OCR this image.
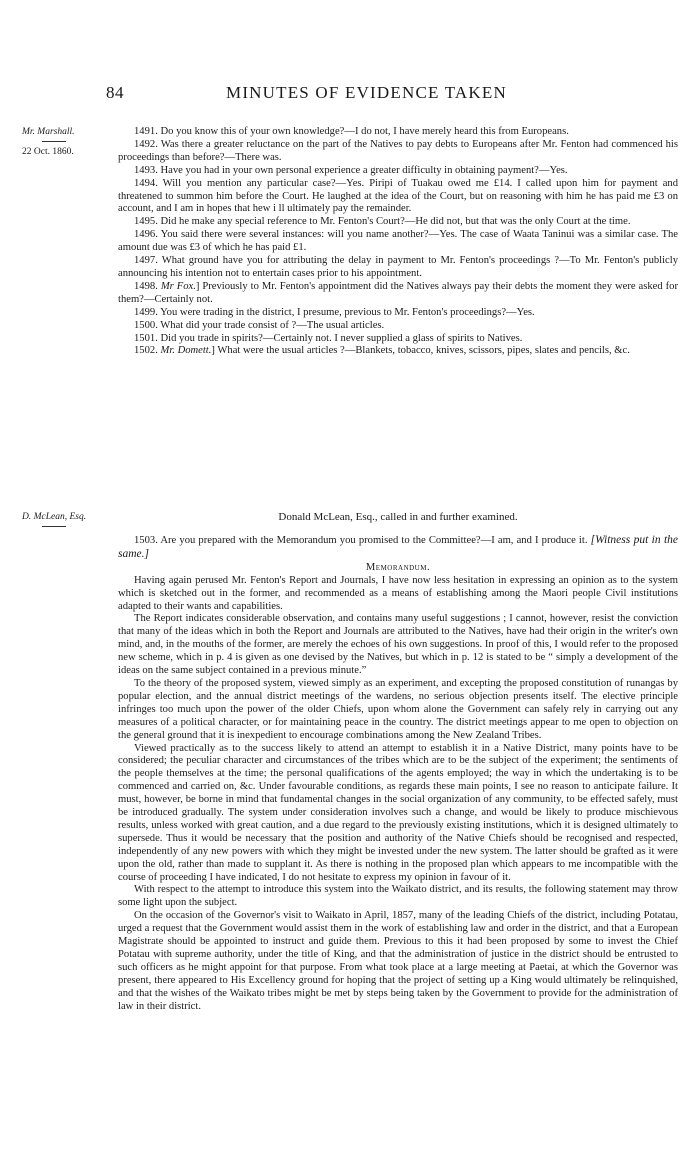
84	MINUTES OF EVIDENCE TAKEN
Mr. Marshall.
22 Oct. 1860.

1491. Do you know this of your own knowledge?—I do not, I have merely heard this from Europeans.

1492. Was there a greater reluctance on the part of the Natives to pay debts to Europeans after Mr. Fenton had commenced his proceedings than before?—There was.

1493. Have you had in your own personal experience a greater difficulty in obtaining payment?—Yes.

1494. Will you mention any particular case?—Yes. Piripi of Tuakau owed me £14. I called upon him for payment and threatened to summon him before the Court. He laughed at the idea of the Court, but on reasoning with him he has paid me £3 on account, and I am in hopes that hew i ll ultimately pay the remainder.

1495. Did he make any special reference to Mr. Fenton's Court?—He did not, but that was the only Court at the time.

1496. You said there were several instances: will you name another?—Yes. The case of Waata Taninui was a similar case. The amount due was £3 of which he has paid £1.

1497. What ground have you for attributing the delay in payment to Mr. Fenton's proceedings ?—To Mr. Fenton's publicly announcing his intention not to entertain cases prior to his appointment.

1498. Mr Fox.] Previously to Mr. Fenton's appointment did the Natives always pay their debts the moment they were asked for them?—Certainly not.

1499. You were trading in the district, I presume, previous to Mr. Fenton's proceedings?—Yes.

1500. What did your trade consist of ?—The usual articles.

1501. Did you trade in spirits?—Certainly not. I never supplied a glass of spirits to Natives.

1502. Mr. Domett.] What were the usual articles ?—Blankets, tobacco, knives, scissors, pipes, slates and pencils, &c.

D. McLean, Esq.	Donald McLean, Esq., called in and further examined.

1503. Are you prepared with the Memorandum you promised to the Committee?—I am, and I produce it. [Witness put in the same.]

Memorandum.

Having again perused Mr. Fenton's Report and Journals, I have now less hesitation in expressing an opinion as to the system which is sketched out in the former, and recommended as a means of establishing among the Maori people Civil institutions adapted to their wants and capabilities.

The Report indicates considerable observation, and contains many useful suggestions ; I cannot, however, resist the conviction that many of the ideas which in both the Report and Journals are attributed to the Natives, have had their origin in the writer's own mind, and, in the mouths of the former, are merely the echoes of his own suggestions. In proof of this, I would refer to the proposed new scheme, which in p. 4 is given as one devised by the Natives, but which in p. 12 is stated to be “ simply a development of the ideas on the same subject contained in a previous minute.”

To the theory of the proposed system, viewed simply as an experiment, and excepting the proposed constitution of runangas by popular election, and the annual district meetings of the wardens, no serious objection presents itself. The elective principle infringes too much upon the power of the older Chiefs, upon whom alone the Government can safely rely in carrying out any measures of a political character, or for maintaining peace in the country. The district meetings appear to me open to objection on the general ground that it is inexpedient to encourage combinations among the New Zealand Tribes.

Viewed practically as to the success likely to attend an attempt to establish it in a Native District, many points have to be considered; the peculiar character and circumstances of the tribes which are to be the subject of the experiment; the sentiments of the people themselves at the time; the personal qualifications of the agents employed; the way in which the undertaking is to be commenced and carried on, &c. Under favourable conditions, as regards these main points, I see no reason to anticipate failure. It must, however, be borne in mind that fundamental changes in the social organization of any community, to be effected safely, must be introduced gradually. The system under consideration involves such a change, and would be likely to produce mischievous results, unless worked with great caution, and a due regard to the previously existing institutions, which it is designed ultimately to supersede. Thus it would be necessary that the position and authority of the Native Chiefs should be recognised and respected, independently of any new powers with which they might be invested under the new system. The latter should be grafted as it were upon the old, rather than made to supplant it. As there is nothing in the proposed plan which appears to me incompatible with the course of proceeding I have indicated, I do not hesitate to express my opinion in favour of it.

With respect to the attempt to introduce this system into the Waikato district, and its results, the following statement may throw some light upon the subject.

On the occasion of the Governor's visit to Waikato in April, 1857, many of the leading Chiefs of the district, including Potatau, urged a request that the Government would assist them in the work of establishing law and order in the district, and that a European Magistrate should be appointed to instruct and guide them. Previous to this it had been proposed by some to invest the Chief Potatau with supreme authority, under the title of King, and that the administration of justice in the district should be entrusted to such officers as he might appoint for that purpose. From what took place at a large meeting at Paetai, at which the Governor was present, there appeared to His Excellency ground for hoping that the project of setting up a King would ultimately be relinquished, and that the wishes of the Waikato tribes might be met by steps being taken by the Government to provide for the administration of law in their district.
